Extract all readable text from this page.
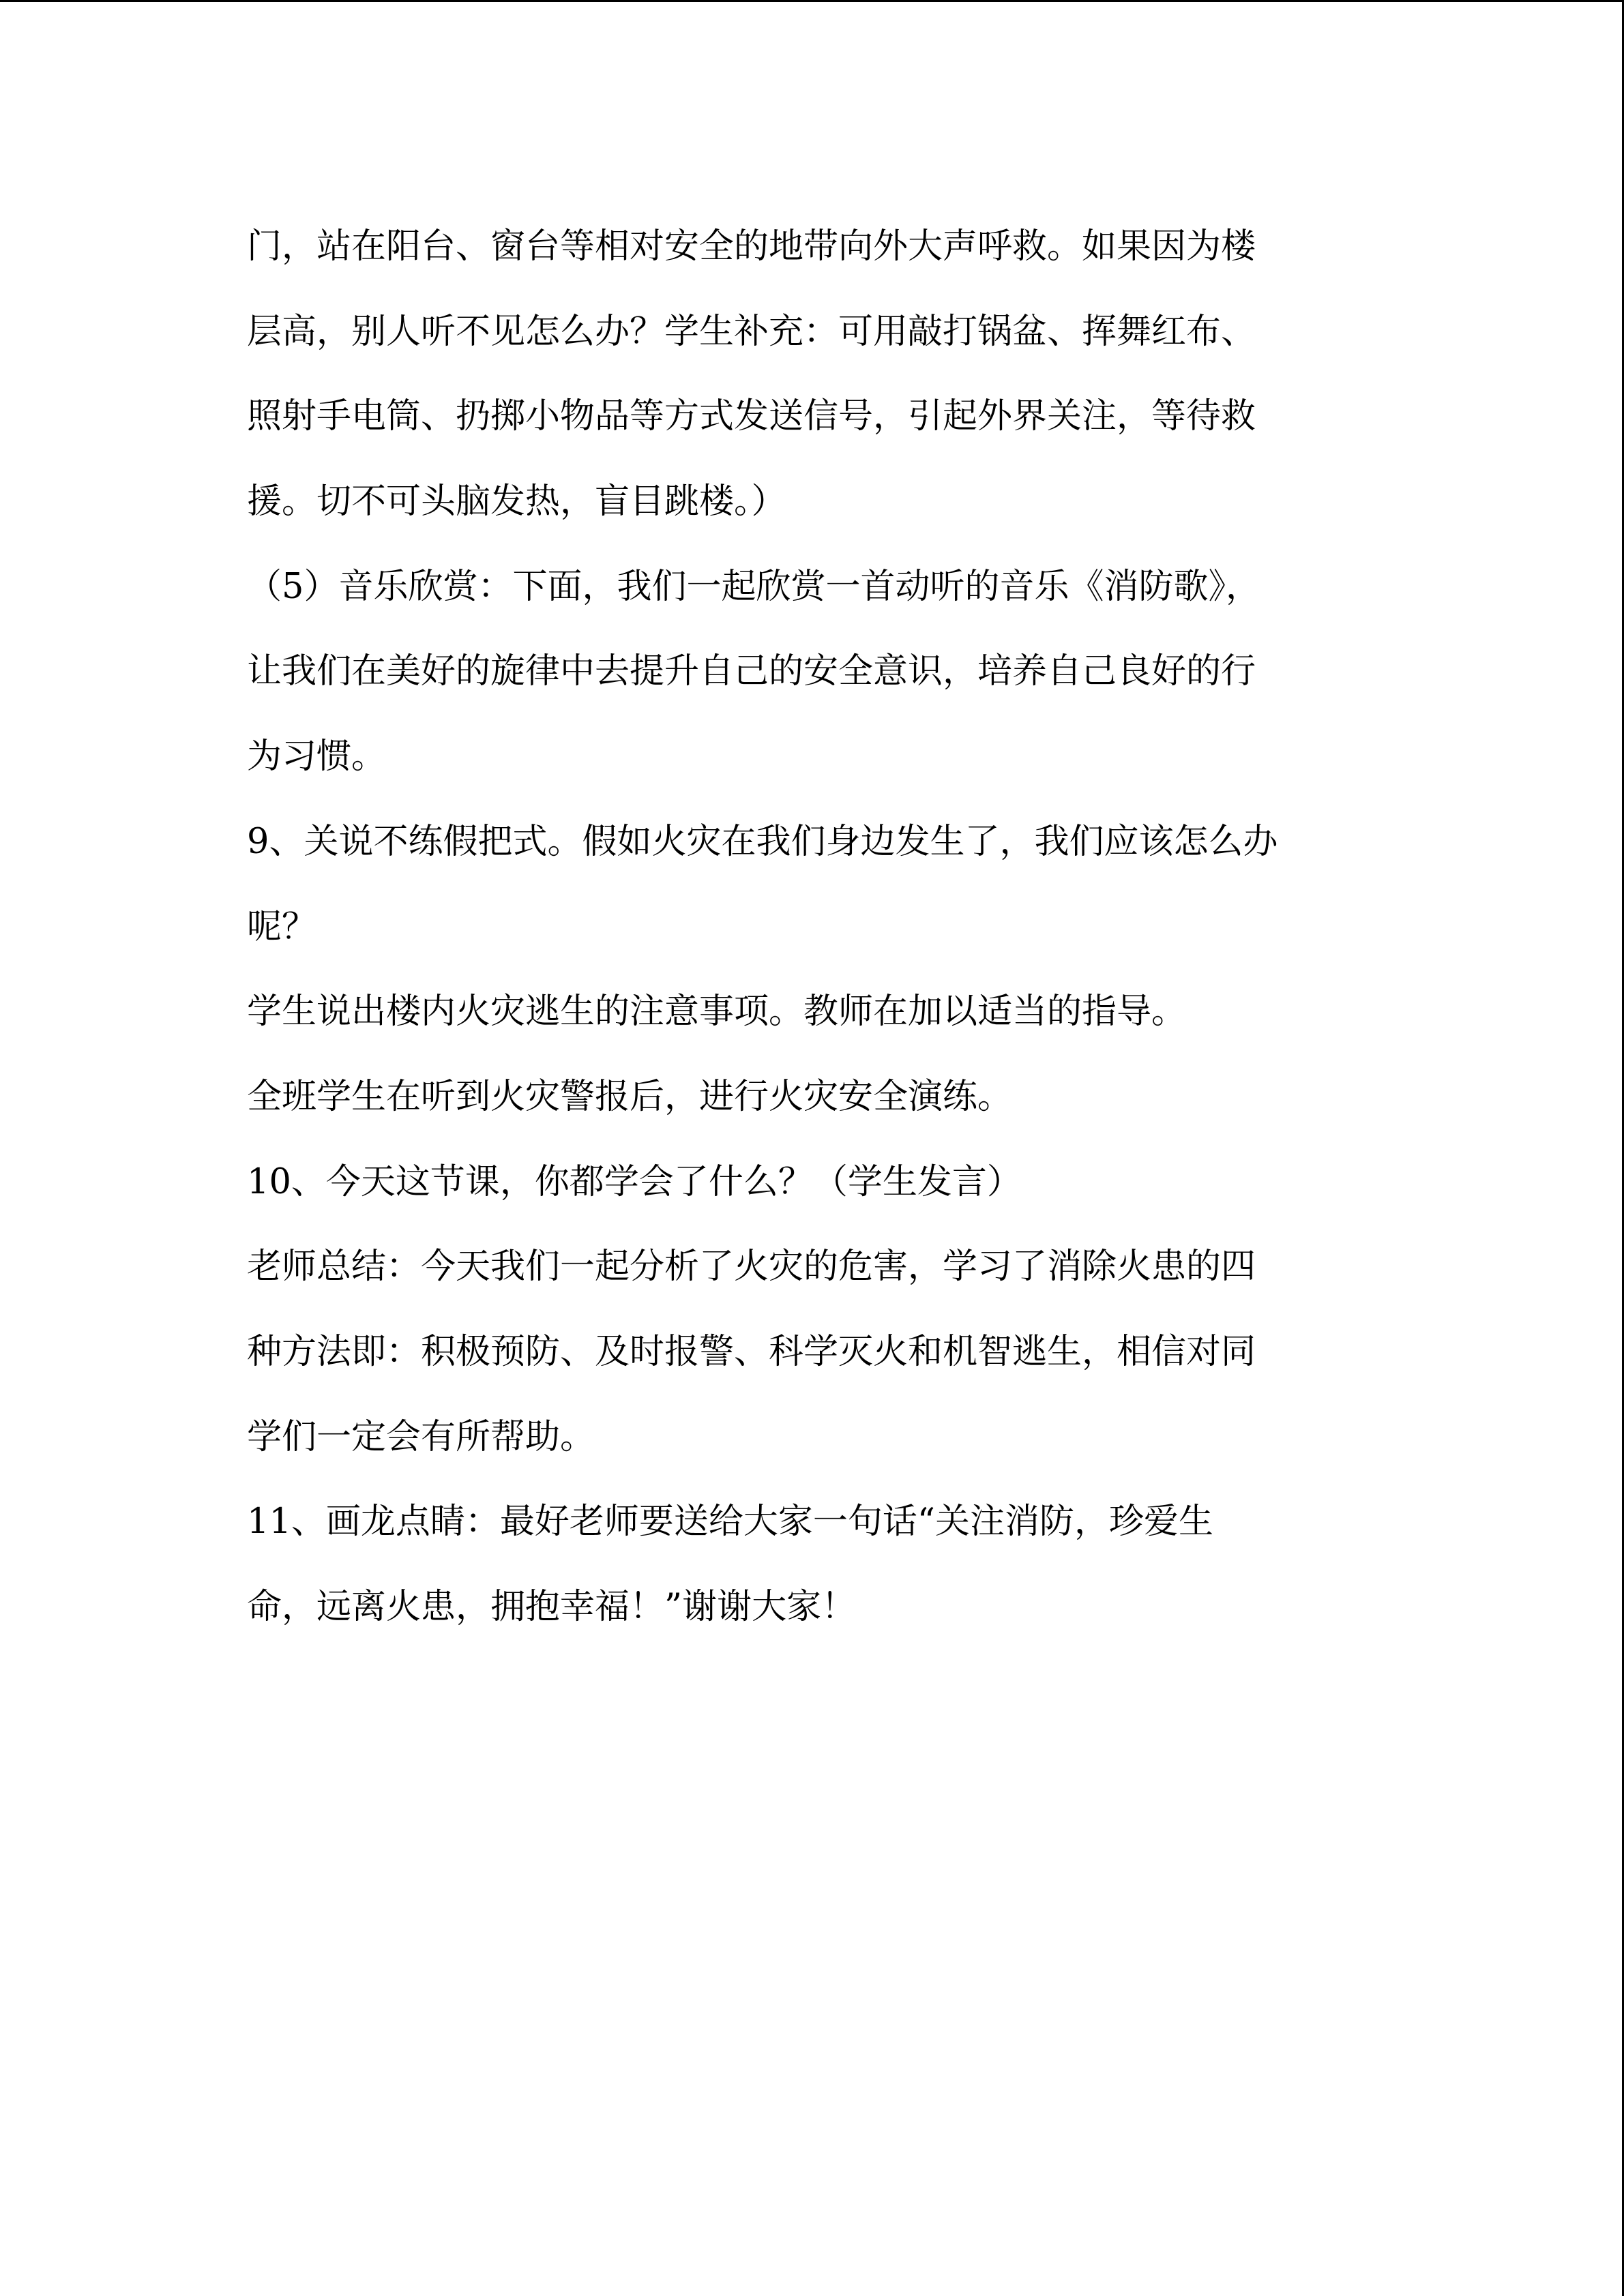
门，站在阳台、窗台等相对安全的地带向外大声呼救。如果因为楼

层高，别人听不见怎么办？学生补充：可用敲打锅盆、挥舞红布、

照射手电筒、扔掷小物品等方式发送信号，引起外界关注，等待救

援。切不可头脑发热，盲目跳楼。）

（5）音乐欣赏：下面，我们一起欣赏一首动听的音乐《消防歌》，

让我们在美好的旋律中去提升自己的安全意识，培养自己良好的行

为习惯。

9、关说不练假把式。假如火灾在我们身边发生了，我们应该怎么办

呢？

学生说出楼内火灾逃生的注意事项。教师在加以适当的指导。

全班学生在听到火灾警报后，进行火灾安全演练。

10、今天这节课，你都学会了什么？（学生发言）

老师总结：今天我们一起分析了火灾的危害，学习了消除火患的四

种方法即：积极预防、及时报警、科学灭火和机智逃生，相信对同

学们一定会有所帮助。

11、画龙点睛：最好老师要送给大家一句话“关注消防，珍爱生

命，远离火患，拥抱幸福！”谢谢大家！
